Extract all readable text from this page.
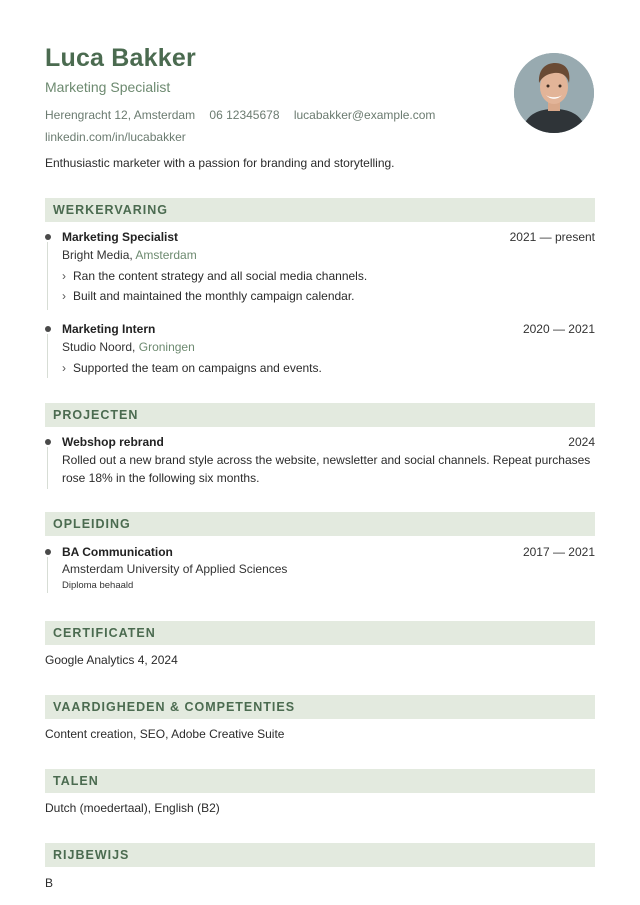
Luca Bakker
Marketing Specialist
Herengracht 12, Amsterdam 06 12345678 lucabakker@example.com
linkedin.com/in/lucabakker
Enthusiastic marketer with a passion for branding and storytelling.
WERKERVARING
Marketing Specialist	2021 — present
Bright Media, Amsterdam
› Ran the content strategy and all social media channels.
› Built and maintained the monthly campaign calendar.
Marketing Intern	2020 — 2021
Studio Noord, Groningen
› Supported the team on campaigns and events.
PROJECTEN
Webshop rebrand	2024
Rolled out a new brand style across the website, newsletter and social channels. Repeat purchases
rose 18% in the following six months.
OPLEIDING
BA Communication	2017 — 2021
Amsterdam University of Applied Sciences
Diploma behaald
CERTIFICATEN
Google Analytics 4, 2024
VAARDIGHEDEN & COMPETENTIES
Content creation, SEO, Adobe Creative Suite
TALEN
Dutch (moedertaal), English (B2)
RIJBEWIJS
B
